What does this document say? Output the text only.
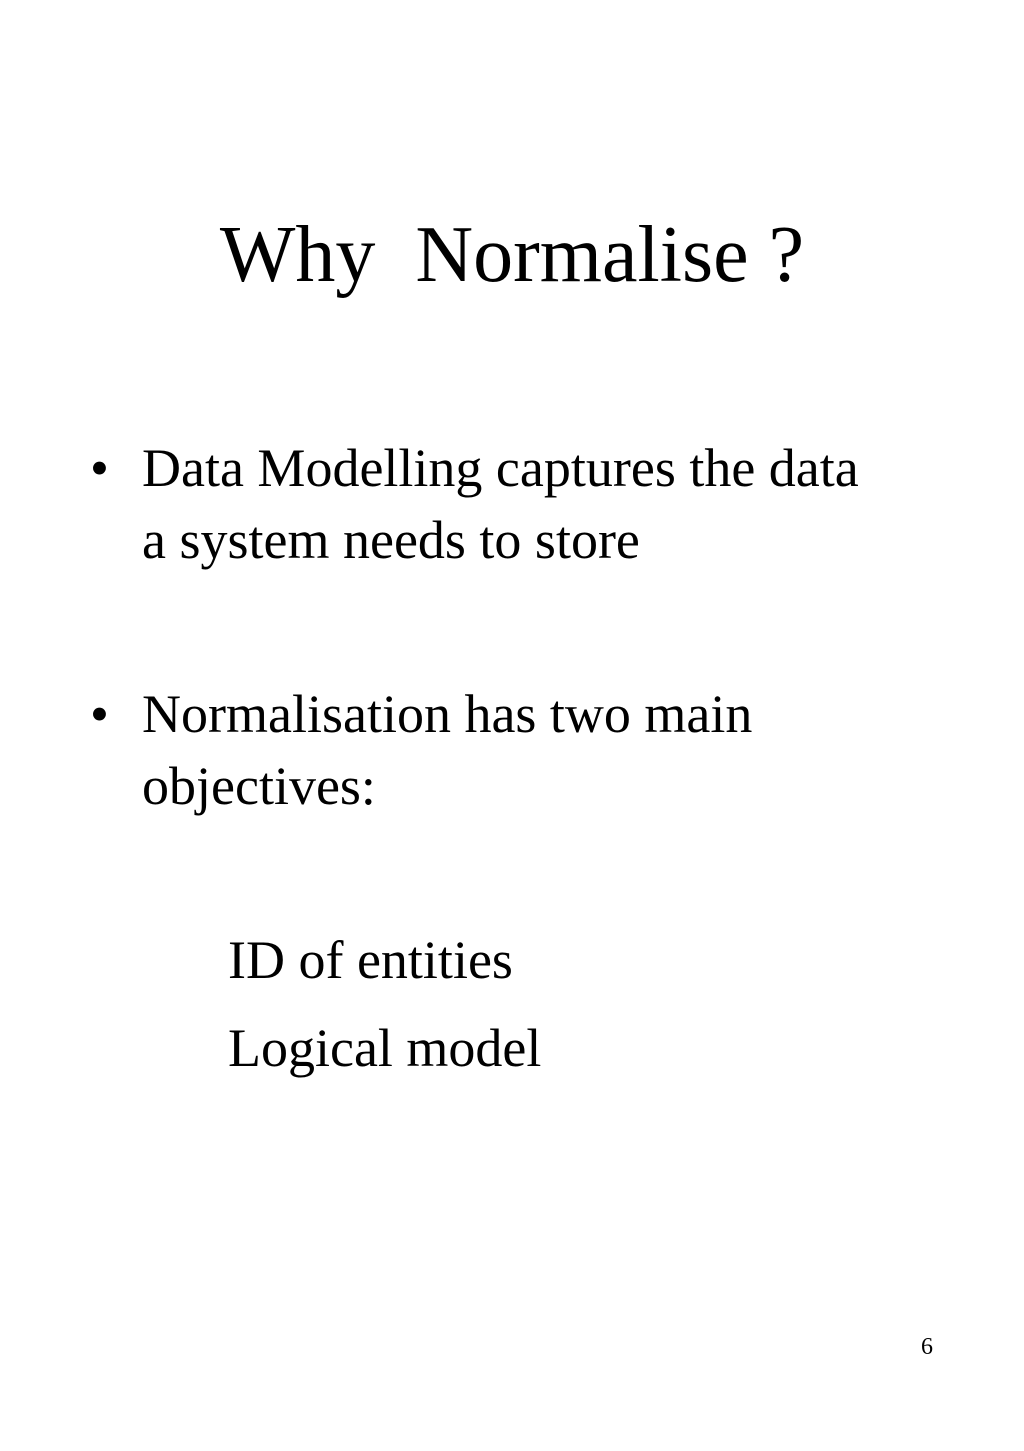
Why  Normalise ?
• Data Modelling captures the data a system needs to store
• Normalisation has two main objectives:
ID of entities
Logical model
6
